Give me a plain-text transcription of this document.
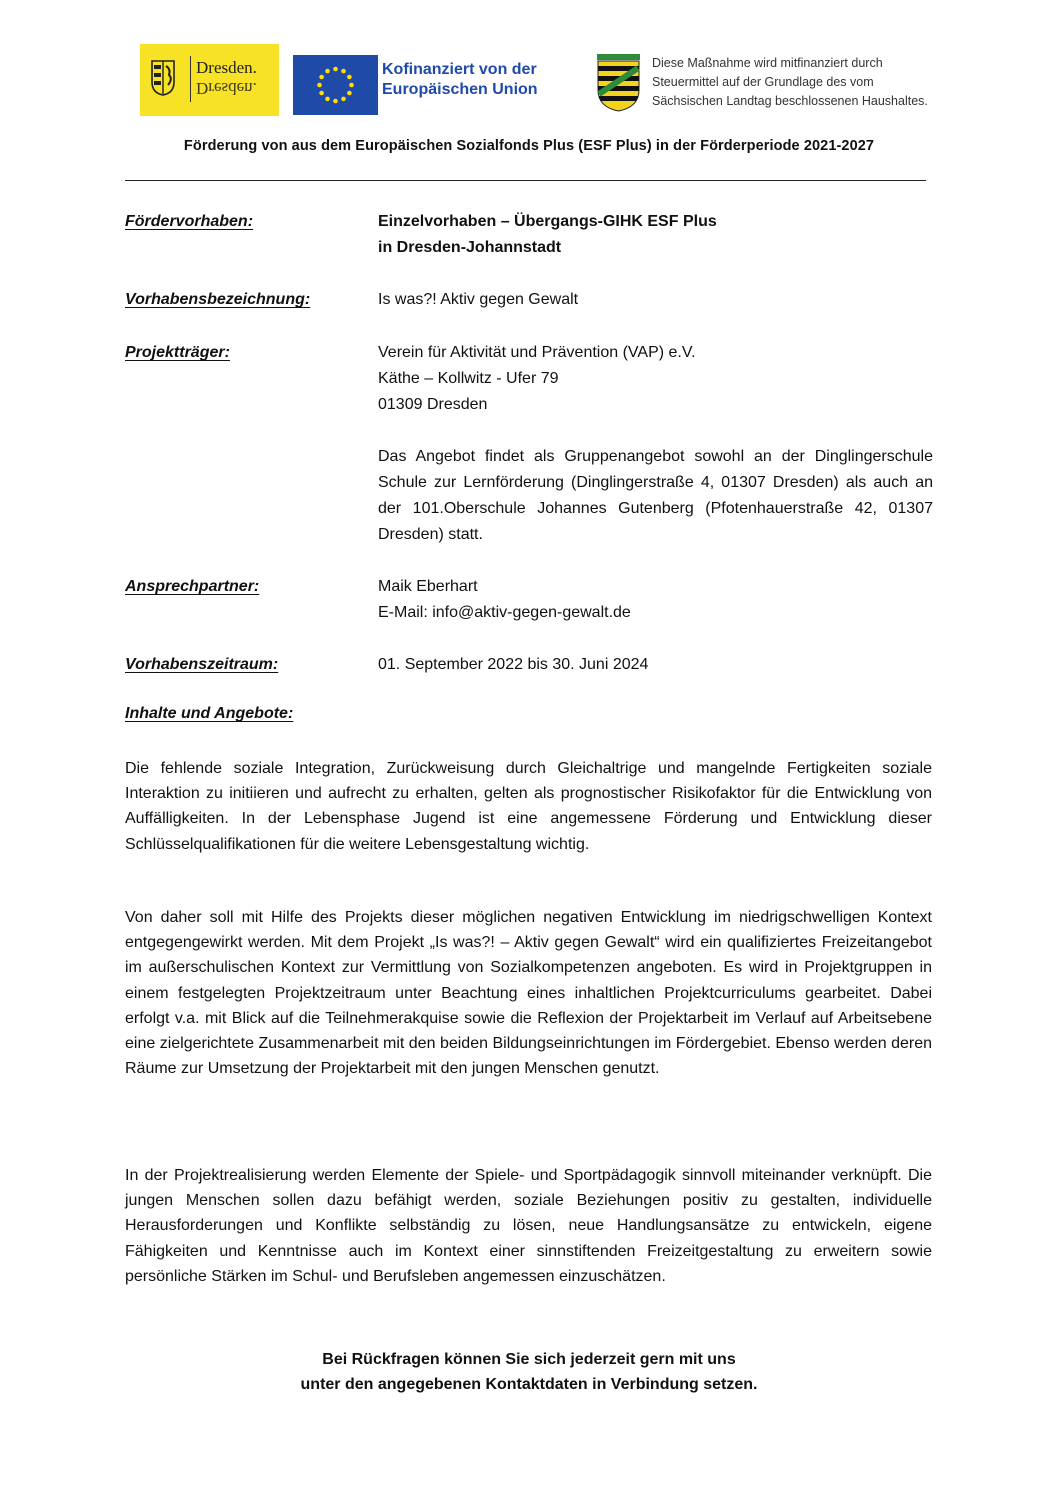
Dresden.
Dresden.
Kofinanziert von der
Europäischen Union
Diese Maßnahme wird mitfinanziert durch
Steuermittel auf der Grundlage des vom
Sächsischen Landtag beschlossenen Haushaltes.
Förderung von aus dem Europäischen Sozialfonds Plus (ESF Plus) in der Förderperiode 2021-2027
Fördervorhaben:	Einzelvorhaben – Übergangs-GIHK ESF Plus
in Dresden-Johannstadt
Vorhabensbezeichnung:	Is was?! Aktiv gegen Gewalt
Projektträger:	Verein für Aktivität und Prävention (VAP) e.V.
Käthe – Kollwitz - Ufer 79
01309 Dresden
Das Angebot findet als Gruppenangebot sowohl an der Dinglingerschule Schule zur Lernförderung (Dinglingerstraße 4, 01307 Dresden) als auch an der 101.Oberschule Johannes Gutenberg (Pfotenhauerstraße 42, 01307 Dresden) statt.
Ansprechpartner:	Maik Eberhart
E-Mail: info@aktiv-gegen-gewalt.de
Vorhabenszeitraum:	01. September 2022 bis 30. Juni 2024
Inhalte und Angebote:
Die fehlende soziale Integration, Zurückweisung durch Gleichaltrige und mangelnde Fertigkeiten soziale Interaktion zu initiieren und aufrecht zu erhalten, gelten als prognostischer Risikofaktor für die Entwicklung von Auffälligkeiten. In der Lebensphase Jugend ist eine angemessene Förderung und Entwicklung dieser Schlüsselqualifikationen für die weitere Lebensgestaltung wichtig.
Von daher soll mit Hilfe des Projekts dieser möglichen negativen Entwicklung im niedrigschwelligen Kontext entgegengewirkt werden. Mit dem Projekt „Is was?! – Aktiv gegen Gewalt“ wird ein qualifiziertes Freizeitangebot im außerschulischen Kontext zur Vermittlung von Sozialkompetenzen angeboten. Es wird in Projektgruppen in einem festgelegten Projektzeitraum unter Beachtung eines inhaltlichen Projektcurriculums gearbeitet. Dabei erfolgt v.a. mit Blick auf die Teilnehmerakquise sowie die Reflexion der Projektarbeit im Verlauf auf Arbeitsebene eine zielgerichtete Zusammenarbeit mit den beiden Bildungseinrichtungen im Fördergebiet. Ebenso werden deren Räume zur Umsetzung der Projektarbeit mit den jungen Menschen genutzt.
In der Projektrealisierung werden Elemente der Spiele- und Sportpädagogik sinnvoll miteinander verknüpft. Die jungen Menschen sollen dazu befähigt werden, soziale Beziehungen positiv zu gestalten, individuelle Herausforderungen und Konflikte selbständig zu lösen, neue Handlungsansätze zu entwickeln, eigene Fähigkeiten und Kenntnisse auch im Kontext einer sinnstiftenden Freizeitgestaltung zu erweitern sowie persönliche Stärken im Schul- und Berufsleben angemessen einzuschätzen.
Bei Rückfragen können Sie sich jederzeit gern mit uns
unter den angegebenen Kontaktdaten in Verbindung setzen.
